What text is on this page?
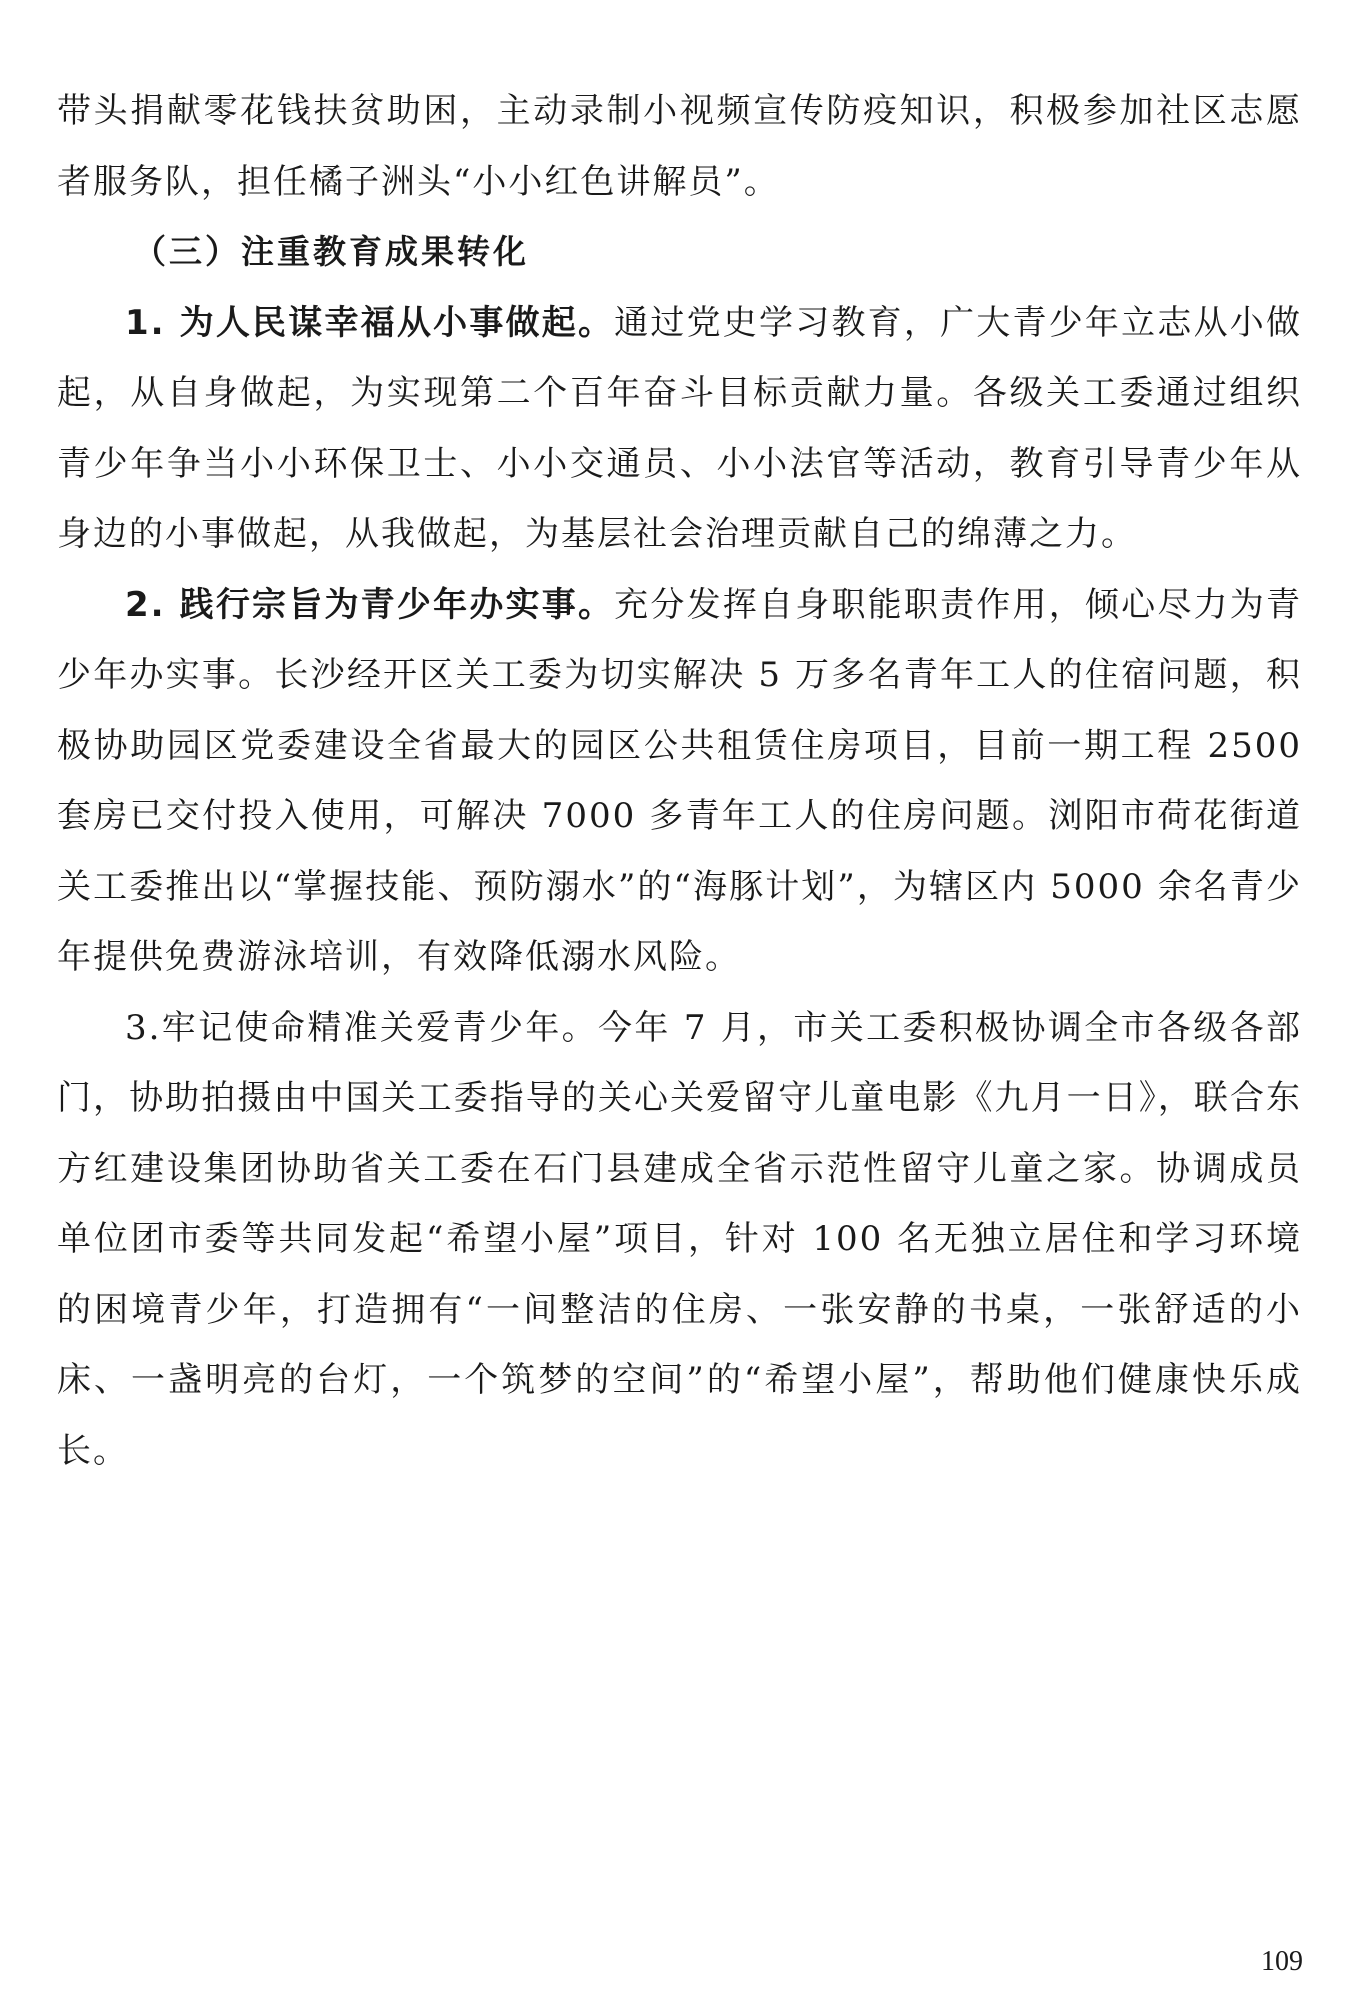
带头捐献零花钱扶贫助困，主动录制小视频宣传防疫知识，积极参加社区志愿者服务队，担任橘子洲头“小小红色讲解员”。

（三）注重教育成果转化

1. 为人民谋幸福从小事做起。通过党史学习教育，广大青少年立志从小做起，从自身做起，为实现第二个百年奋斗目标贡献力量。各级关工委通过组织青少年争当小小环保卫士、小小交通员、小小法官等活动，教育引导青少年从身边的小事做起，从我做起，为基层社会治理贡献自己的绵薄之力。

2. 践行宗旨为青少年办实事。充分发挥自身职能职责作用，倾心尽力为青少年办实事。长沙经开区关工委为切实解决 5 万多名青年工人的住宿问题，积极协助园区党委建设全省最大的园区公共租赁住房项目，目前一期工程 2500 套房已交付投入使用，可解决 7000 多青年工人的住房问题。浏阳市荷花街道关工委推出以“掌握技能、预防溺水”的“海豚计划”，为辖区内 5000 余名青少年提供免费游泳培训，有效降低溺水风险。

3.牢记使命精准关爱青少年。今年 7 月，市关工委积极协调全市各级各部门，协助拍摄由中国关工委指导的关心关爱留守儿童电影《九月一日》，联合东方红建设集团协助省关工委在石门县建成全省示范性留守儿童之家。协调成员单位团市委等共同发起“希望小屋”项目，针对 100 名无独立居住和学习环境的困境青少年，打造拥有“一间整洁的住房、一张安静的书桌，一张舒适的小床、一盏明亮的台灯，一个筑梦的空间”的“希望小屋”，帮助他们健康快乐成长。

109
